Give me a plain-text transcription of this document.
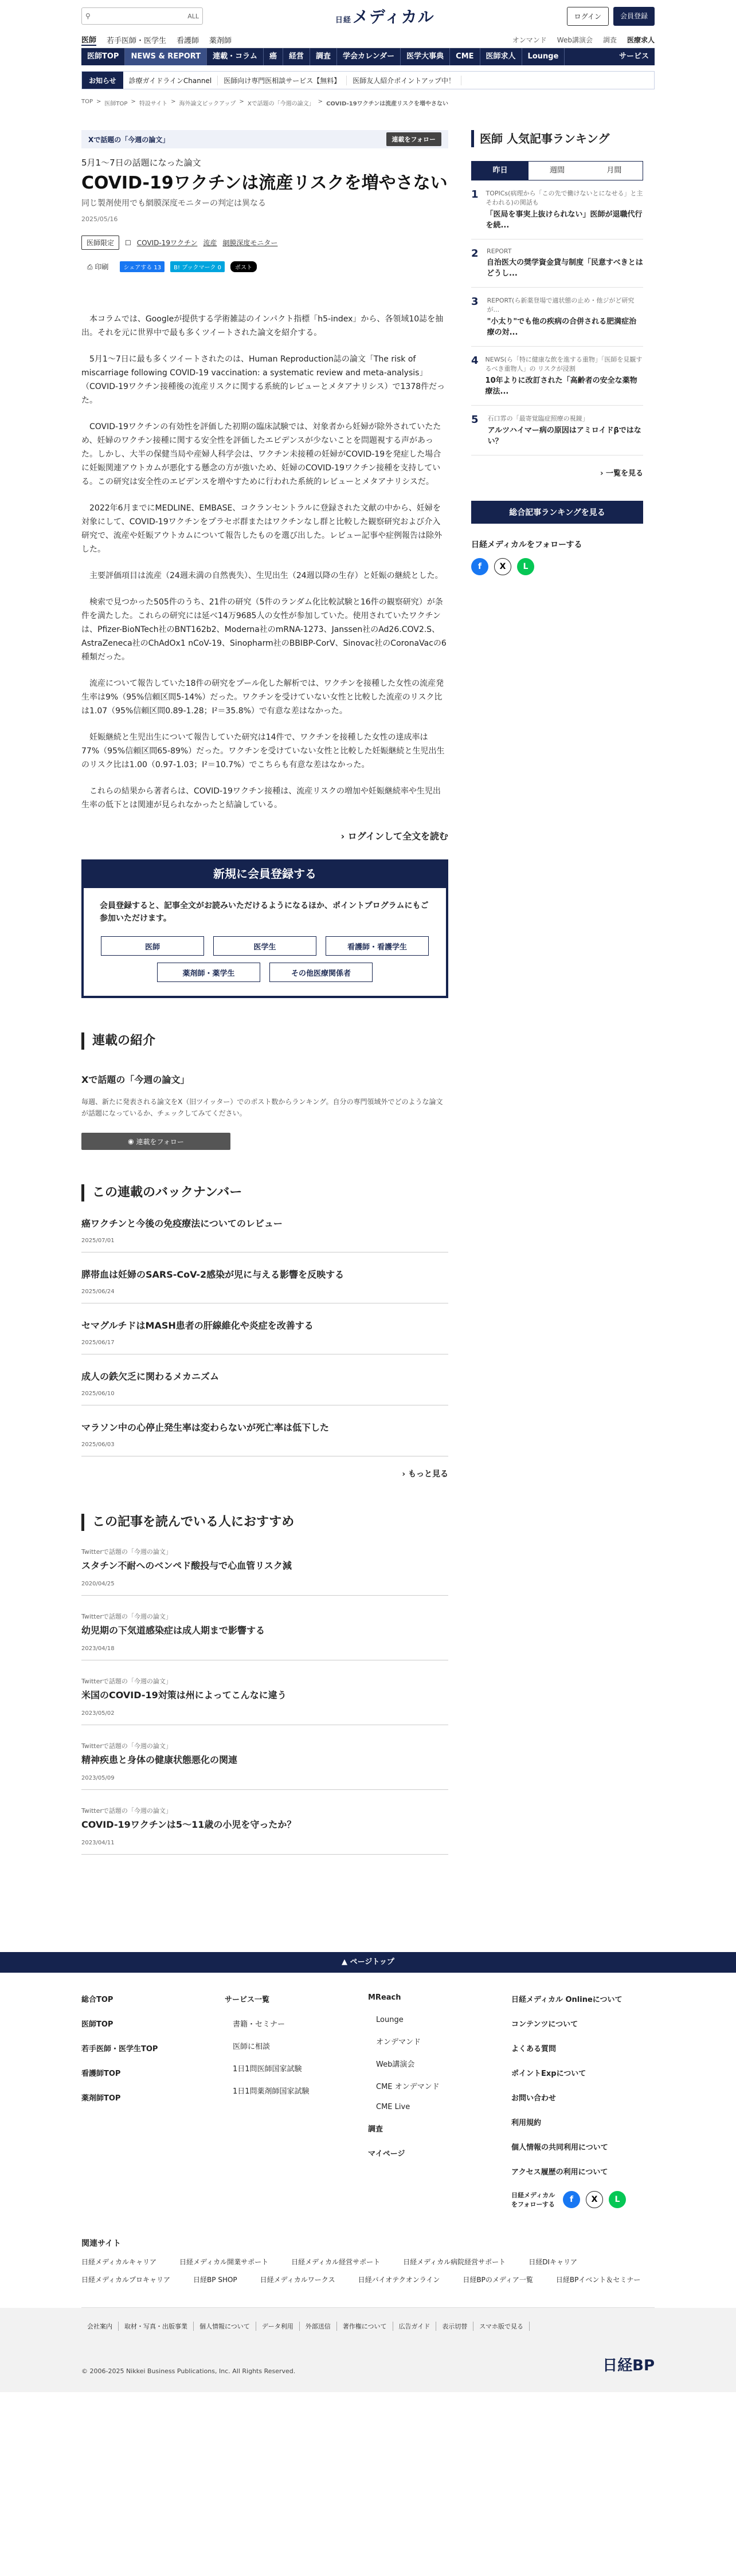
⚲	ALL	日経 メディカル	ログイン	会員登録
医師 若手医師・医学生 看護師 薬剤師	オンマンド Web講演会 調査 医療求人
医師TOP	NEWS & REPORT	連載・コラム	癌	経営	調査	学会カレンダー	医学大事典	CME	医師求人	Lounge	サービス
お知らせ	診療ガイドラインChannel	医師向け専門医相談サービス【無料】	医師友人紹介ポイントアップ中！
TOP > 医師TOP > 特設サイト > 海外論文ピックアップ > Xで話題の「今週の論文」 > COVID-19ワクチンは流産リスクを増やさない
Xで話題の「今週の論文」	連載をフォロー
5月1〜7日の話題になった論文
COVID-19ワクチンは流産リスクを増やさない
同じ製剤使用でも網膜深度モニターの判定は異なる
2025/05/16
医師限定	☐ COVID-19ワクチン 流産 網膜深度モニター
⎙ 印刷	シェアする 13	B! ブックマーク 0	ポスト

本コラムでは、Googleが提供する学術雑誌のインパクト指標「h5-index」から、各領域10誌を抽出。それを元に世界中で最も多くツイートされた論文を紹介する。

5月1〜7日に最も多くツイートされたのは、Human Reproduction誌の論文「The risk of miscarriage following COVID-19 vaccination: a systematic review and meta-analysis」（COVID-19ワクチン接種後の流産リスクに関する系統的レビューとメタアナリシス）で1378件だった。

COVID-19ワクチンの有効性を評価した初期の臨床試験では、対象者から妊婦が除外されていたため、妊婦のワクチン接種に関する安全性を評価したエビデンスが少ないことを問題視する声があった。しかし、大半の保健当局や産婦人科学会は、ワクチン未接種の妊婦がCOVID-19を発症した場合に妊娠関連アウトカムが悪化する懸念の方が強いため、妊婦のCOVID-19ワクチン接種を支持している。この研究は安全性のエビデンスを増やすために行われた系統的レビューとメタアナリシスだ。

2022年6月までにMEDLINE、EMBASE、コクランセントラルに登録された文献の中から、妊婦を対象にして、COVID-19ワクチンをプラセボ群またはワクチンなし群と比較した観察研究および介入研究で、流産や妊娠アウトカムについて報告したものを選び出した。レビュー記事や症例報告は除外した。

主要評価項目は流産（24週未満の自然喪失）、生児出生（24週以降の生存）と妊娠の継続とした。

検索で見つかった505件のうち、21件の研究（5件のランダム化比較試験と16件の観察研究）が条件を満たした。これらの研究には延べ14万9685人の女性が参加していた。使用されていたワクチンは、Pfizer-BioNTech社のBNT162b2、Moderna社のmRNA-1273、Janssen社のAd26.COV2.S、AstraZeneca社のChAdOx1 nCoV-19、Sinopharm社のBBIBP-CorV、Sinovac社のCoronaVacの6種類だった。

流産について報告していた18件の研究をプール化した解析では、ワクチンを接種した女性の流産発生率は9%（95%信頼区間5-14%）だった。ワクチンを受けていない女性と比較した流産のリスク比は1.07（95%信頼区間0.89-1.28；I²＝35.8%）で有意な差はなかった。

妊娠継続と生児出生について報告していた研究は14件で、ワクチンを接種した女性の達成率は77%（95%信頼区間65-89%）だった。ワクチンを受けていない女性と比較した妊娠継続と生児出生のリスク比は1.00（0.97-1.03；I²＝10.7%）でこちらも有意な差はなかった。

これらの結果から著者らは、COVID-19ワクチン接種は、流産リスクの増加や妊娠継続率や生児出生率の低下とは関連が見られなかったと結論している。

› ログインして全文を読む
新規に会員登録する
会員登録すると、記事全文がお読みいただけるようになるほか、ポイントプログラムにもご参加いただけます。
医師	医学生	看護師・看護学生
薬剤師・薬学生	その他医療関係者
連載の紹介
Xで話題の「今週の論文」
毎週、新たに発表される論文をX（旧ツイッター）でのポスト数からランキング。自分の専門領域外でどのような論文が話題になっているか、チェックしてみてください。
◉ 連載をフォロー
この連載のバックナンバー
癌ワクチンと今後の免疫療法についてのレビュー
2025/07/01
膵帯血は妊婦のSARS-CoV-2感染が児に与える影響を反映する
2025/06/24
セマグルチドはMASH患者の肝線維化や炎症を改善する
2025/06/17
成人の鉄欠乏に関わるメカニズム
2025/06/10
マラソン中の心停止発生率は変わらないが死亡率は低下した
2025/06/03
› もっと見る
この記事を読んでいる人におすすめ
Twitterで話題の「今週の論文」
スタチン不耐へのベンペド酸投与で心血管リスク減
2020/04/25
Twitterで話題の「今週の論文」
幼児期の下気道感染症は成人期まで影響する
2023/04/18
Twitterで話題の「今週の論文」
米国のCOVID-19対策は州によってこんなに違う
2023/05/02
Twitterで話題の「今週の論文」
精神疾患と身体の健康状態悪化の関連
2023/05/09
Twitterで話題の「今週の論文」
COVID-19ワクチンは5〜11歳の小児を守ったか？
2023/04/11
医師 人気記事ランキング
昨日	週間	月間
1 TOPICs(病理から「この先で働けないとになせる」と主そわれる)の関話も
「医局を事実上抜けられない」医師が退職代行を続...
2 REPORT
自治医大の奨学資金貸与制度「民意すべきとはどうし...
3 REPORT(ら新薬登場で適状態の止め・他ジがど研究が...
"小太り"でも他の疾病の合併される肥満症治療の対...
4 NEWS(ら「特に健康な飲を進する重物」「医師を見観するべき重物人」の リスクが浸割
10年よりに改訂された「高齢者の安全な薬物療法...
5	石口雰の「最寄覚臨症照療の視鏡」
アルツハイマー病の原因はアミロイドβではない？
› 一覧を見る
総合記事ランキングを見る
日経メディカルをフォローする
f	X	L
▲ ページトップ
総合TOP
医師TOP
若手医師・医学生TOP
看護師TOP
薬剤師TOP
サービス一覧
書籍・セミナー
医師に相談
1日1問医師国家試験
1日1問薬剤師国家試験
MReach
Lounge
オンデマンド
Web講演会
CME オンデマンド
CME Live
調査
マイページ
日経メディカル Onlineについて
コンテンツについて
よくある質問
ポイントExpについて
お問い合わせ
利用規約
個人情報の共同利用について
アクセス履歴の利用について
日経メディカルをフォローする
f	X	L
関連サイト
日経メディカルキャリア	日経メディカル開業サポート	日経メディカル経営サポート	日経メディカル病院経営サポート	日経DIキャリア
日経メディカルプロキャリア	日経BP SHOP	日経メディカルワークス	日経バイオテクオンライン	日経BPのメディア一覧	日経BPイベント＆セミナー
会社案内	取材・写真・出版事業	個人情報について	データ利用	外部送信	著作権について	広告ガイド	表示切替	スマホ版で見る
© 2006-2025 Nikkei Business Publications, Inc. All Rights Reserved.	日経BP
